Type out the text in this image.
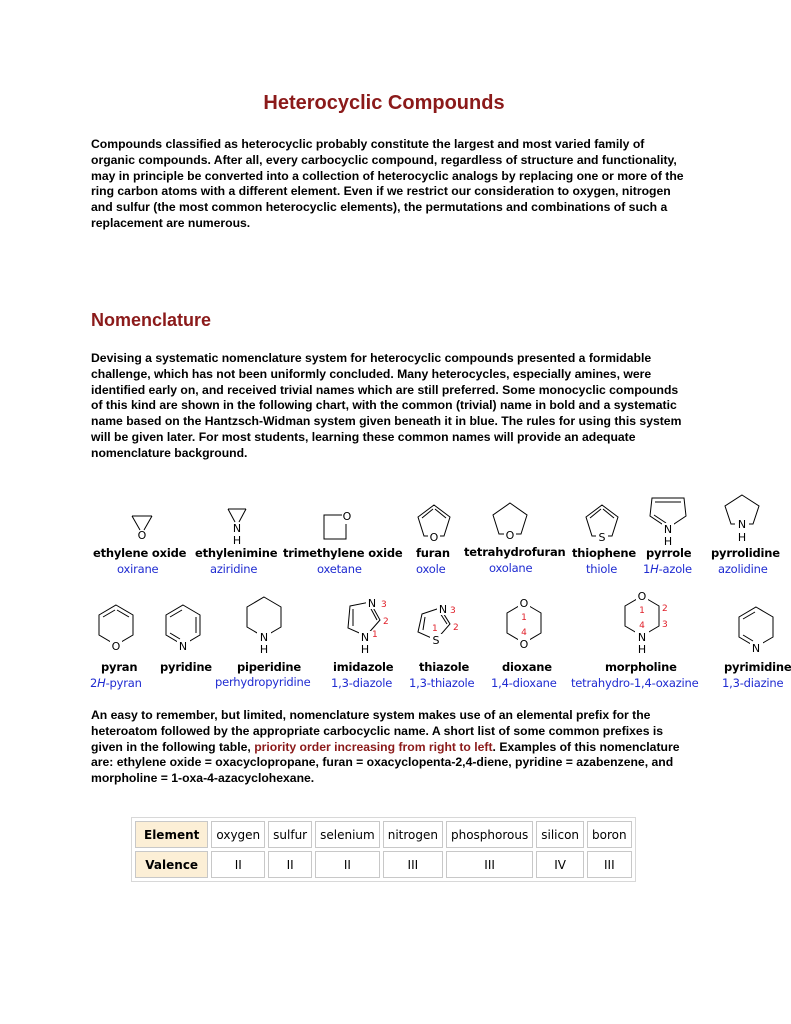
Heterocyclic Compounds
Compounds classified as heterocyclic probably constitute the largest and most varied family of organic compounds. After all, every carbocyclic compound, regardless of structure and functionality, may in principle be converted into a collection of heterocyclic analogs by replacing one or more of the ring carbon atoms with a different element. Even if we restrict our consideration to oxygen, nitrogen and sulfur (the most common heterocyclic elements), the permutations and combinations of such a replacement are numerous.
Nomenclature
Devising a systematic nomenclature system for heterocyclic compounds presented a formidable challenge, which has not been uniformly concluded. Many heterocycles, especially amines, were identified early on, and received trivial names which are still preferred. Some monocyclic compounds of this kind are shown in the following chart, with the common (trivial) name in bold and a systematic name based on the Hantzsch-Widman system given beneath it in blue. The rules for using this system will be given later. For most students, learning these common names will provide an adequate nomenclature background.
O
N
H
O
O	O	S
N
H
N
H
ethylene oxide
oxirane
ethylenimine
aziridine
trimethylene oxide
oxetane
furan
oxole
tetrahydrofuran
oxolane
thiophene
thiole
pyrrole
1H-azole
pyrrolidine
azolidine
O	N
N
H
N 3
2
N 1
H
N 3
2
1
S
O
1
4
O
O
1 2
3
4
N
H	N
pyran
2H-pyran
pyridine piperidine
perhydropyridine
imidazole
1,3-diazole
thiazole
1,3-thiazole
dioxane
1,4-dioxane
morpholine
tetrahydro-1,4-oxazine
pyrimidine
1,3-diazine
An easy to remember, but limited, nomenclature system makes use of an elemental prefix for the heteroatom followed by the appropriate carbocyclic name. A short list of some common prefixes is given in the following table, priority order increasing from right to left. Examples of this nomenclature are: ethylene oxide = oxacyclopropane, furan = oxacyclopenta-2,4-diene, pyridine = azabenzene, and morpholine = 1-oxa-4-azacyclohexane.
Element	oxygen	sulfur	selenium	nitrogen	phosphorous	silicon	boron
Valence	II	II	II	III	III	IV	III
